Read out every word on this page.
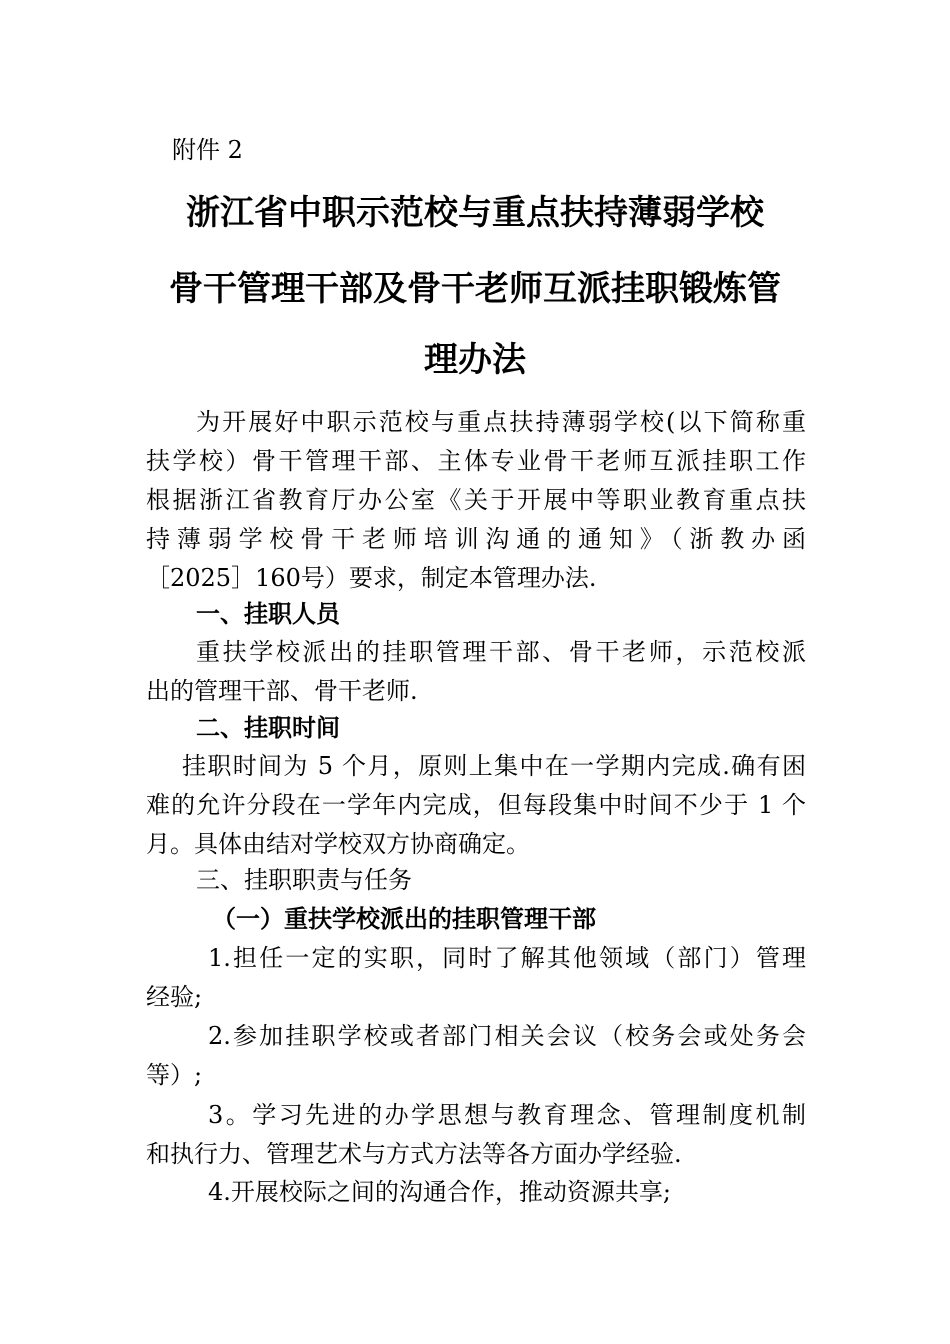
附件 2
浙江省中职示范校与重点扶持薄弱学校
骨干管理干部及骨干老师互派挂职锻炼管
理办法
为开展好中职示范校与重点扶持薄弱学校(以下简称重
扶学校）骨干管理干部、主体专业骨干老师互派挂职工作
根据浙江省教育厅办公室《关于开展中等职业教育重点扶
持薄弱学校骨干老师培训沟通的通知》（浙教办函
［2025］160号）要求，制定本管理办法.
一、挂职人员
重扶学校派出的挂职管理干部、骨干老师，示范校派
出的管理干部、骨干老师.
二、挂职时间
挂职时间为 5 个月，原则上集中在一学期内完成.确有困
难的允许分段在一学年内完成，但每段集中时间不少于 1 个
月。具体由结对学校双方协商确定。
三、挂职职责与任务
（一）重扶学校派出的挂职管理干部
1.担任一定的实职，同时了解其他领域（部门）管理
经验;
2.参加挂职学校或者部门相关会议（校务会或处务会
等）;
3。学习先进的办学思想与教育理念、管理制度机制
和执行力、管理艺术与方式方法等各方面办学经验.
4.开展校际之间的沟通合作，推动资源共享;
